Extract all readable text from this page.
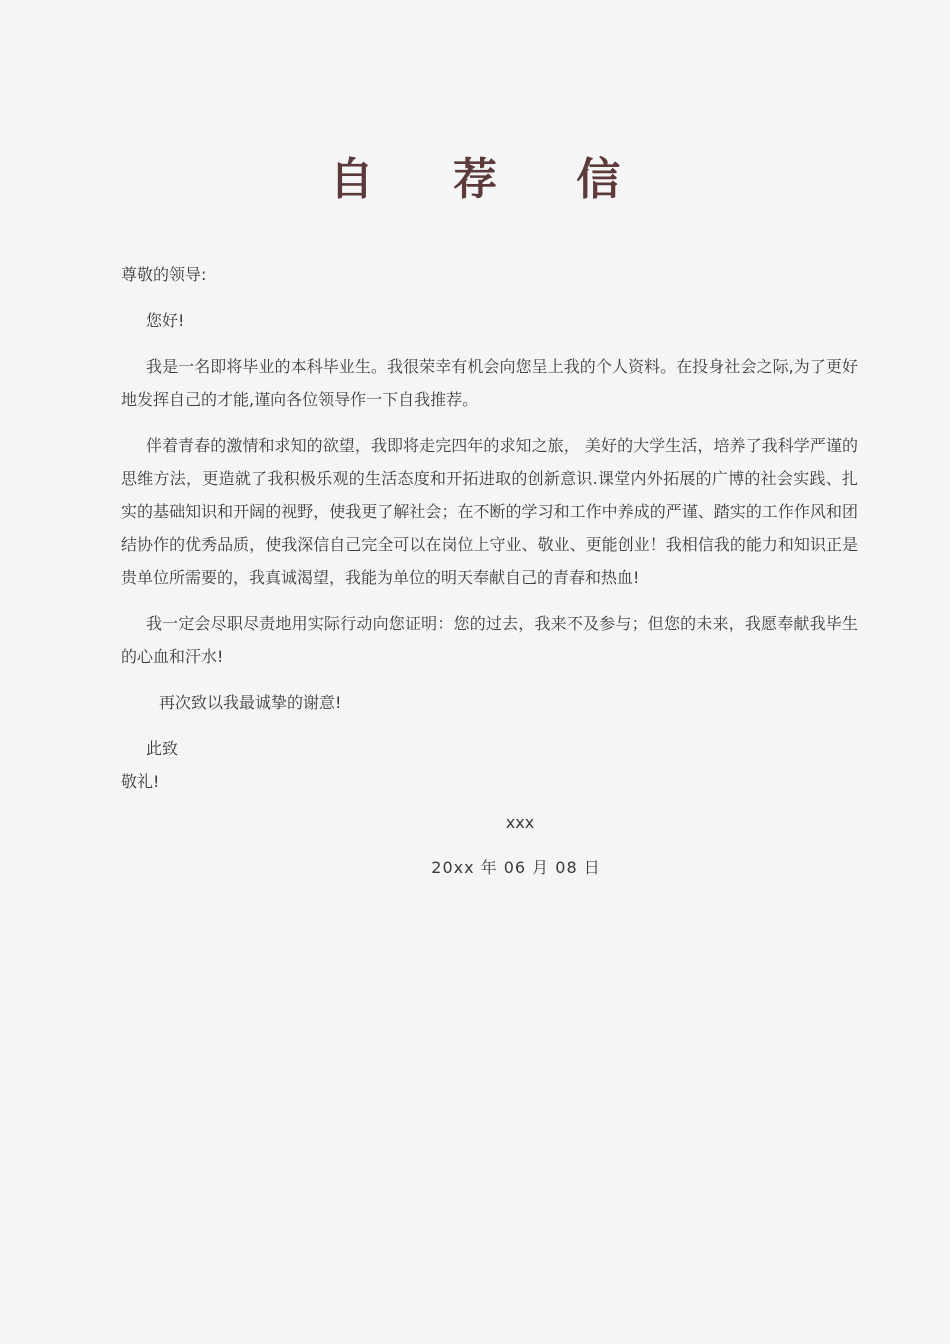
自 荐 信

尊敬的领导:

您好!

我是一名即将毕业的本科毕业生。我很荣幸有机会向您呈上我的个人资料。在投身社会之际,为了更好地发挥自己的才能,谨向各位领导作一下自我推荐。

伴着青春的激情和求知的欲望，我即将走完四年的求知之旅， 美好的大学生活，培养了我科学严谨的思维方法，更造就了我积极乐观的生活态度和开拓进取的创新意识.课堂内外拓展的广博的社会实践、扎实的基础知识和开阔的视野，使我更了解社会；在不断的学习和工作中养成的严谨、踏实的工作作风和团结协作的优秀品质，使我深信自己完全可以在岗位上守业、敬业、更能创业！我相信我的能力和知识正是贵单位所需要的，我真诚渴望，我能为单位的明天奉献自己的青春和热血!

我一定会尽职尽责地用实际行动向您证明：您的过去，我来不及参与；但您的未来，我愿奉献我毕生的心血和汗水!

再次致以我最诚挚的谢意!

此致

敬礼!

xxx
20xx 年 06 月 08 日
